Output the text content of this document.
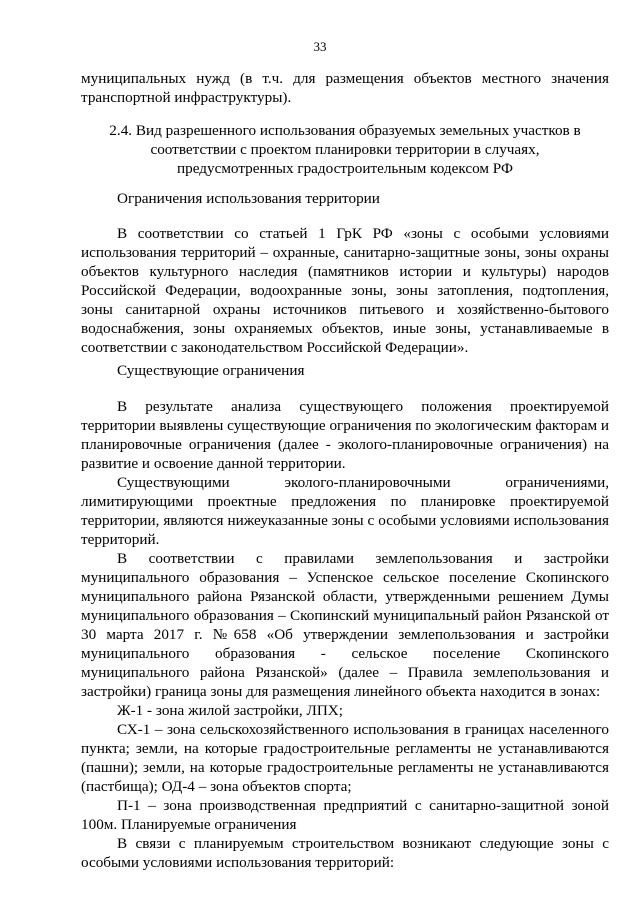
33
муниципальных нужд (в т.ч. для размещения объектов местного значения транспортной инфраструктуры).
2.4. Вид разрешенного использования образуемых земельных участков в соответствии с проектом планировки территории в случаях, предусмотренных градостроительным кодексом РФ
Ограничения использования территории
В соответствии со статьей 1 ГрК РФ «зоны с особыми условиями использования территорий – охранные, санитарно-защитные зоны, зоны охраны объектов культурного наследия (памятников истории и культуры) народов Российской Федерации, водоохранные зоны, зоны затопления, подтопления, зоны санитарной охраны источников питьевого и хозяйственно-бытового водоснабжения, зоны охраняемых объектов, иные зоны, устанавливаемые в соответствии с законодательством Российской Федерации».
Существующие ограничения

В результате анализа существующего положения проектируемой территории выявлены существующие ограничения по экологическим факторам и планировочные ограничения (далее - эколого-планировочные ограничения) на развитие и освоение данной территории.

Существующими эколого-планировочными ограничениями, лимитирующими проектные предложения по планировке проектируемой территории, являются нижеуказанные зоны с особыми условиями использования территорий.

В соответствии с правилами землепользования и застройки муниципального образования – Успенское сельское поселение Скопинского муниципального района Рязанской области, утвержденными решением Думы муниципального образования – Скопинский муниципальный район Рязанской от 30 марта 2017 г. №658 «Об утверждении землепользования и застройки муниципального образования - сельское поселение Скопинского муниципального района Рязанской» (далее – Правила землепользования и застройки) граница зоны для размещения линейного объекта находится в зонах:

Ж-1 - зона жилой застройки, ЛПХ;

СХ-1 – зона сельскохозяйственного использования в границах населенного пункта; земли, на которые градостроительные регламенты не устанавливаются (пашни); земли, на которые градостроительные регламенты не устанавливаются (пастбища); ОД-4 – зона объектов спорта;

П-1 – зона производственная предприятий с санитарно-защитной зоной 100м. Планируемые ограничения

В связи с планируемым строительством возникают следующие зоны с особыми условиями использования территорий:
